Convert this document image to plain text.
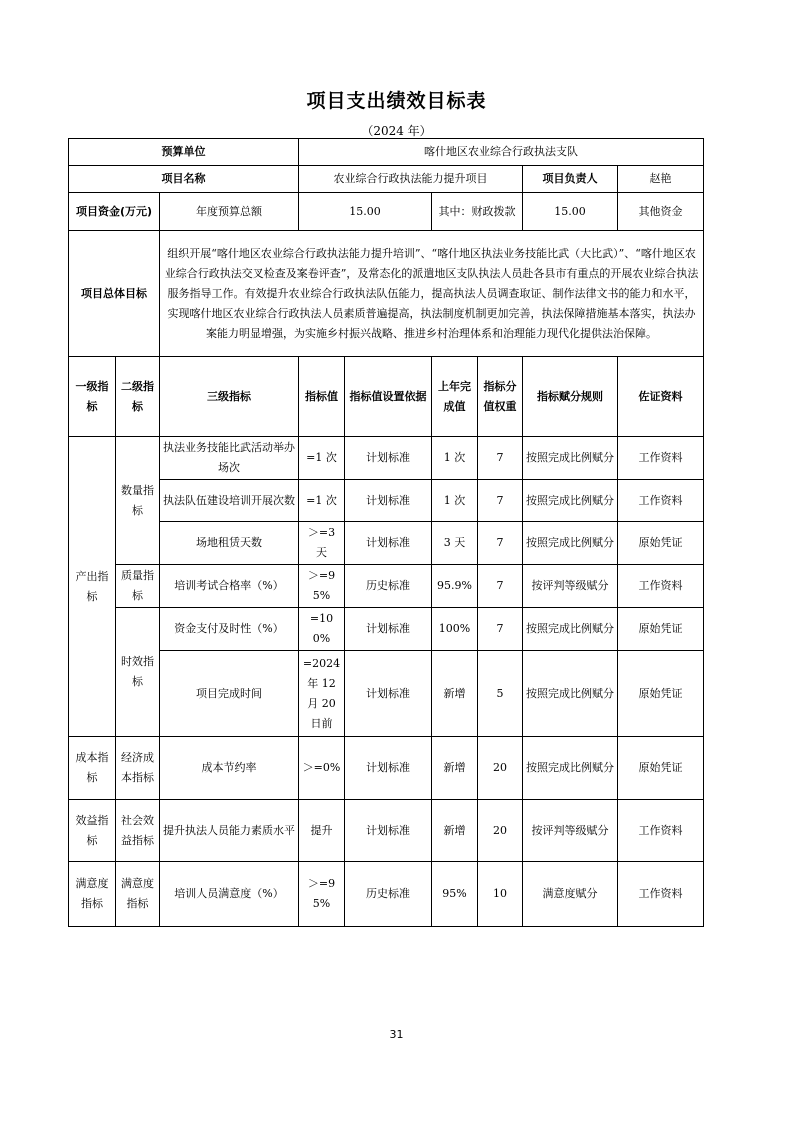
项目支出绩效目标表
（2024 年）
预算单位			喀什地区农业综合行政执法支队					
项目名称			农业综合行政执法能力提升项目				项目负责人	赵艳
项目资金(万元)		年度预算总额	15.00		其中：财政拨款		15.00	其他资金
项目总体目标		组织开展“喀什地区农业综合行政执法能力提升培训”、“喀什地区执法业务技能比武（大比武）”、“喀什地区农业综合行政执法交叉检查及案卷评查”，及常态化的派遣地区支队执法人员赴各县市有重点的开展农业综合执法服务指导工作。有效提升农业综合行政执法队伍能力，提高执法人员调查取证、制作法律文书的能力和水平，实现喀什地区农业综合行政执法人员素质普遍提高，执法制度机制更加完善，执法保障措施基本落实，执法办案能力明显增强，为实施乡村振兴战略、推进乡村治理体系和治理能力现代化提供法治保障。						
一级指标	二级指标	三级指标	指标值	指标值设置依据	上年完成值	指标分值权重	指标赋分规则	佐证资料
产出指标	数量指标	执法业务技能比武活动举办场次	=1 次	计划标准	1 次	7	按照完成比例赋分	工作资料
		执法队伍建设培训开展次数	=1 次	计划标准	1 次	7	按照完成比例赋分	工作资料
		场地租赁天数	＞=3 天	计划标准	3 天	7	按照完成比例赋分	原始凭证
	质量指标	培训考试合格率（%）	＞=95%	历史标准	95.9%	7	按评判等级赋分	工作资料
	时效指标	资金支付及时性（%）	=100%	计划标准	100%	7	按照完成比例赋分	原始凭证
		项目完成时间	=2024 年 12 月 20 日前	计划标准	新增	5	按照完成比例赋分	原始凭证
成本指标	经济成本指标	成本节约率	＞=0%	计划标准	新增	20	按照完成比例赋分	原始凭证
效益指标	社会效益指标	提升执法人员能力素质水平	提升	计划标准	新增	20	按评判等级赋分	工作资料
满意度指标	满意度指标	培训人员满意度（%）	＞=95%	历史标准	95%	10	满意度赋分	工作资料
31
